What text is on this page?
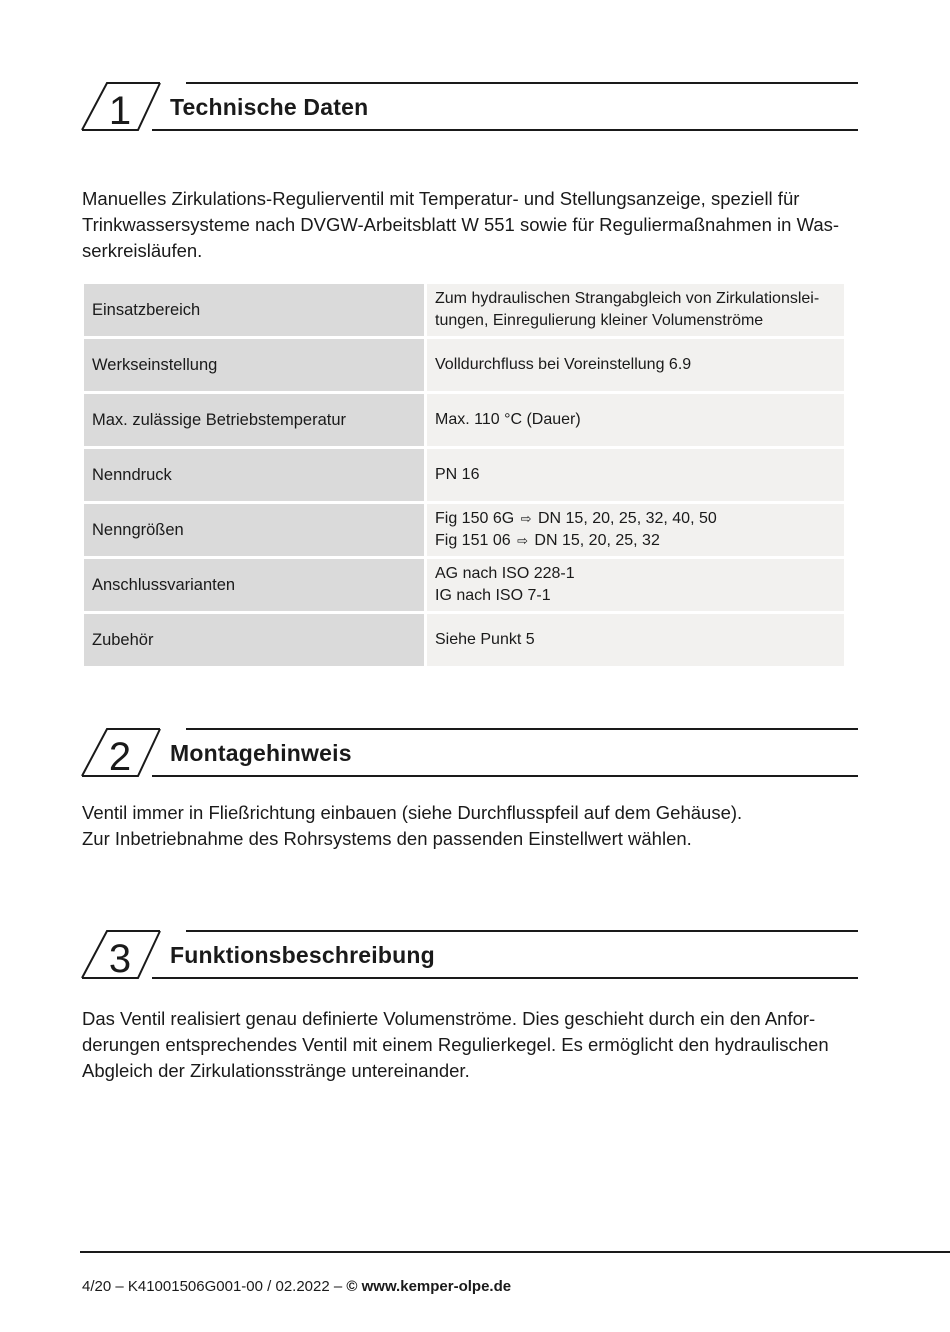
1 Technische Daten

Manuelles Zirkulations-Regulierventil mit Temperatur- und Stellungsanzeige, speziell für

Trinkwassersysteme nach DVGW-Arbeitsblatt W 551 sowie für Reguliermaßnahmen in Was-

serkreisläufen.

Einsatzbereich	Zum hydraulischen Strangabgleich von Zirkulationslei-
tungen, Einregulierung kleiner Volumenströme

Werkseinstellung	Volldurchfluss bei Voreinstellung 6.9
Max. zulässige Betriebstemperatur	Max. 110 °C (Dauer)
Nenndruck	PN 16
Nenngrößen	Fig 150 6G ⇨ DN 15, 20, 25, 32, 40, 50
Fig 151 06 ⇨ DN 15, 20, 25, 32

Anschlussvarianten	AG nach ISO 228-1
IG nach ISO 7-1

Zubehör	Siehe Punkt 5
2 Montagehinweis

Ventil immer in Fließrichtung einbauen (siehe Durchflusspfeil auf dem Gehäuse).

Zur Inbetriebnahme des Rohrsystems den passenden Einstellwert wählen.

3 Funktionsbeschreibung

Das Ventil realisiert genau definierte Volumenströme. Dies geschieht durch ein den Anfor-

derungen entsprechendes Ventil mit einem Regulierkegel. Es ermöglicht den hydraulischen

Abgleich der Zirkulationsstränge untereinander.

4/20 – K41001506G001-00 / 02.2022 – © www.kemper-olpe.de
